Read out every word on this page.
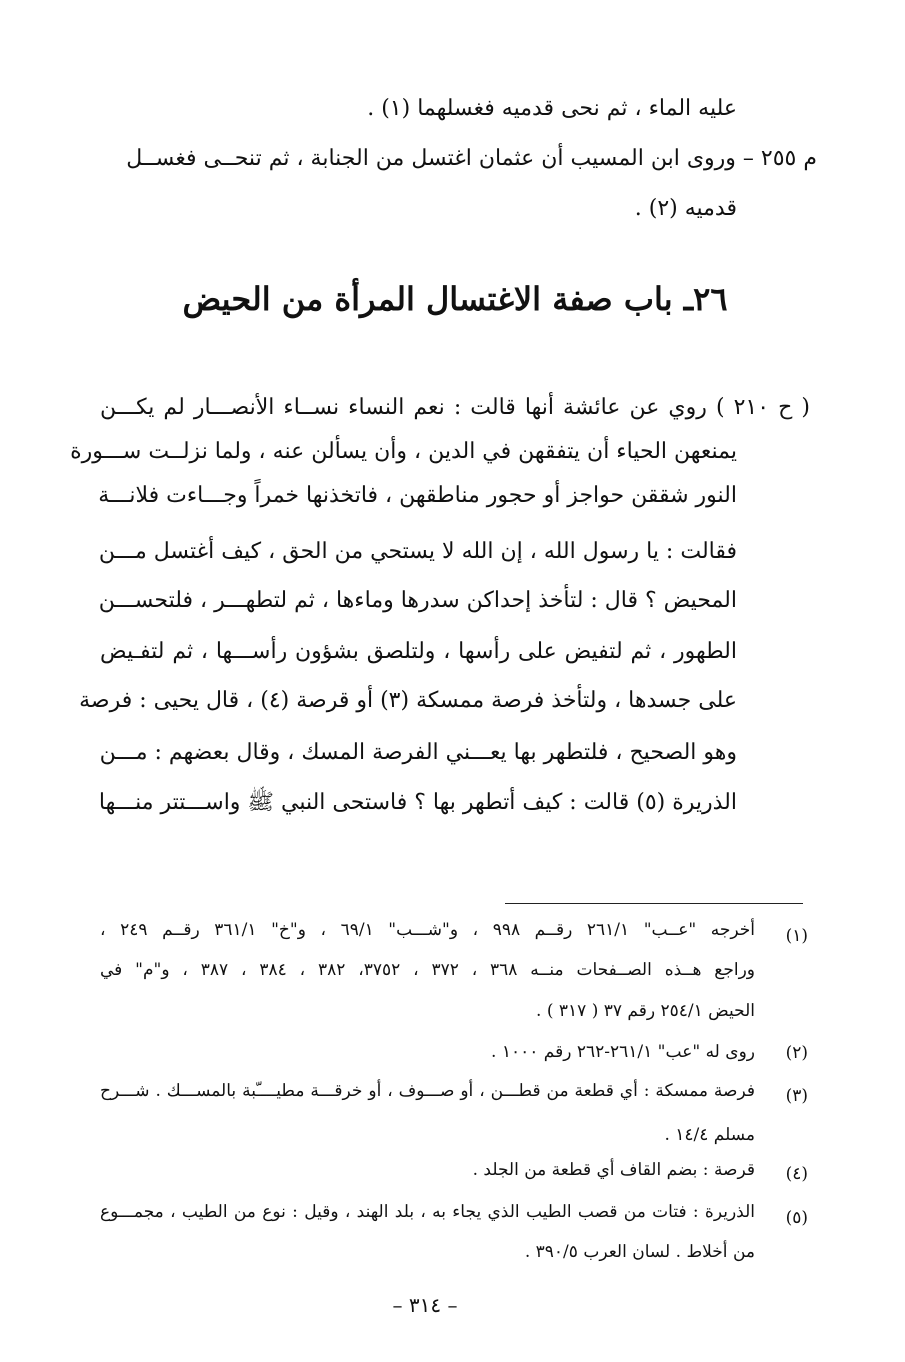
عليه الماء ، ثم نحى قدميه فغسلهما (١) .
م ٢٥٥ – وروى ابن المسيب أن عثمان اغتسل من الجنابة ، ثم تنحــى فغســل
قدميه (٢) .
٢٦ـ باب صفة الاغتسال المرأة من الحيض
( ح ٢١٠ ) روي عن عائشة أنها قالت : نعم النساء نســاء الأنصـــار لم يكـــن
يمنعهن الحياء أن يتفقهن في الدين ، وأن يسألن عنه ، ولما نزلــت ســـورة
النور شققن حواجز أو حجور مناطقهن ، فاتخذنها خمراً وجـــاءت فلانـــة
فقالت : يا رسول الله ، إن الله لا يستحي من الحق ، كيف أغتسل مـــن
المحيض ؟ قال : لتأخذ إحداكن سدرها وماءها ، ثم لتطهـــر ، فلتحســـن
الطهور ، ثم لتفيض على رأسها ، ولتلصق بشؤون رأســـها ، ثم لتفـيض
على جسدها ، ولتأخذ فرصة ممسكة (٣) أو قرصة (٤) ، قال يحيى : فرصة
وهو الصحيح ، فلتطهر بها يعـــني الفرصة المسك ، وقال بعضهم : مـــن
الذريرة (٥) قالت : كيف أتطهر بها ؟ فاستحى النبي ﷺ واســـتتر منـــها
(١)
أخرجه "عــب" ٢٦١/١ رقــم ٩٩٨ ، و"شـــب" ٦٩/١ ، و"خ" ٣٦١/١ رقــم ٢٤٩ ،
وراجع هــذه الصــفحات منــه ٣٦٨ ، ٣٧٢ ، ٣٧٥٢، ٣٨٢ ، ٣٨٤ ، ٣٨٧ ، و"م" في
الحيض ٢٥٤/١ رقم ٣٧ ( ٣١٧ ) .
(٢)
روى له "عب" ٢٦١/١-٢٦٢ رقم ١٠٠٠ .
(٣)
فرصة ممسكة : أي قطعة من قطـــن ، أو صـــوف ، أو خرقـــة مطيــــّبة بالمســـك . شـــرح
مسلم ١٤/٤ .
(٤)
قرصة : بضم القاف أي قطعة من الجلد .
(٥)
الذريرة : فتات من قصب الطيب الذي يجاء به ، بلد الهند ، وقيل : نوع من الطيب ، مجمـــوع
من أخلاط . لسان العرب ٣٩٠/٥ .
– ٣١٤ –
